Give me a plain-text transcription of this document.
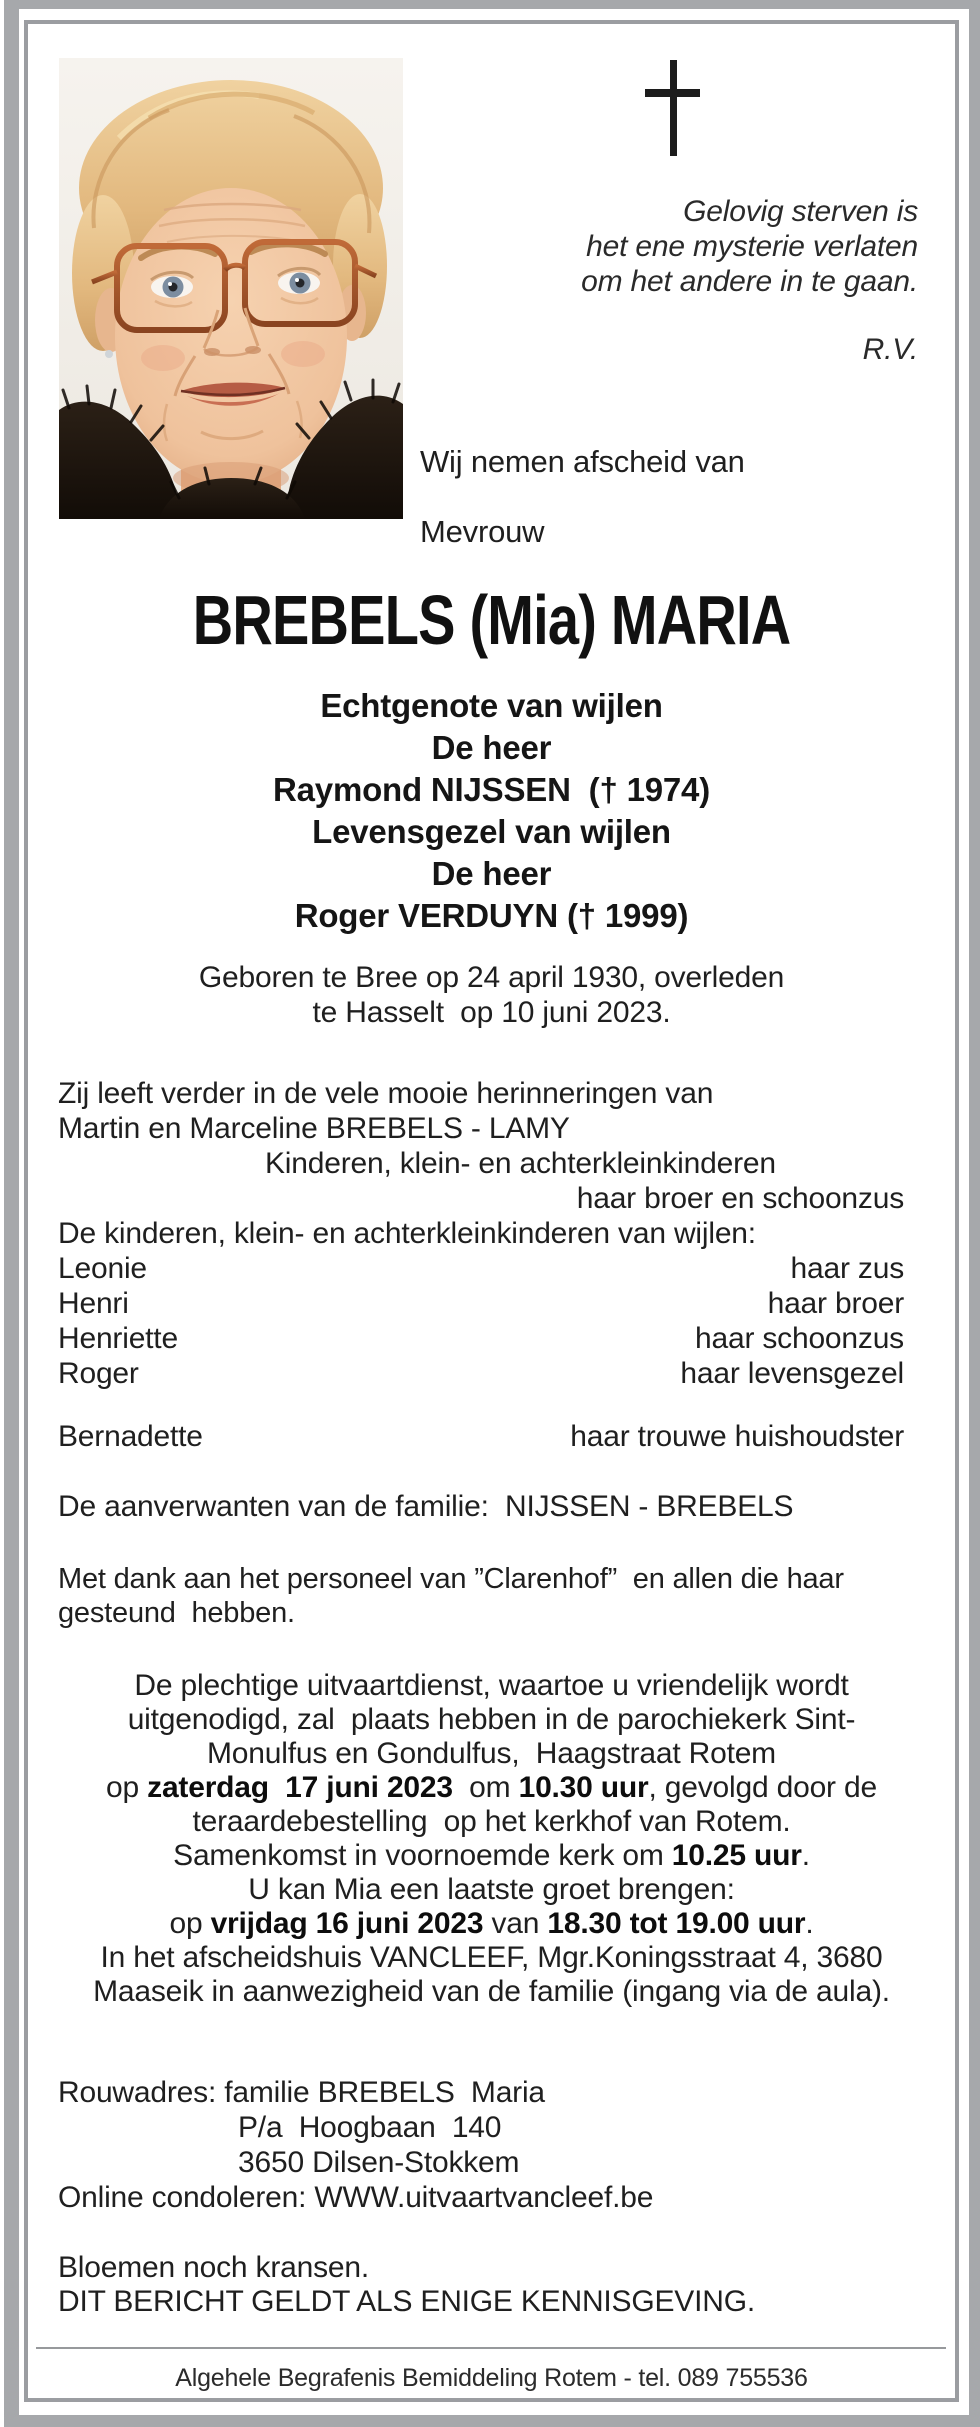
Gelovig sterven is
het ene mysterie verlaten
om het andere in te gaan.
R.V.
Wij nemen afscheid van
Mevrouw
BREBELS (Mia) MARIA
Echtgenote van wijlen
De heer
Raymond NIJSSEN  († 1974)
Levensgezel van wijlen
De heer
Roger VERDUYN († 1999)
Geboren te Bree op 24 april 1930, overleden
te Hasselt  op 10 juni 2023.
Zij leeft verder in de vele mooie herinneringen van
Martin en Marceline BREBELS - LAMY
Kinderen, klein- en achterkleinkinderen
haar broer en schoonzus
De kinderen, klein- en achterkleinkinderen van wijlen:
Leonie	haar zus
Henri	haar broer
Henriette	haar schoonzus
Roger	haar levensgezel
Bernadette	haar trouwe huishoudster
De aanverwanten van de familie:  NIJSSEN - BREBELS
Met dank aan het personeel van ”Clarenhof”  en allen die haar
gesteund  hebben.
De plechtige uitvaartdienst, waartoe u vriendelijk wordt
uitgenodigd, zal  plaats hebben in de parochiekerk Sint-
Monulfus en Gondulfus,  Haagstraat Rotem
op zaterdag  17 juni 2023  om 10.30 uur, gevolgd door de
teraardebestelling  op het kerkhof van Rotem.
Samenkomst in voornoemde kerk om 10.25 uur.
U kan Mia een laatste groet brengen:
op vrijdag 16 juni 2023 van 18.30 tot 19.00 uur.
In het afscheidshuis VANCLEEF, Mgr.Koningsstraat 4, 3680
Maaseik in aanwezigheid van de familie (ingang via de aula).
Rouwadres: familie BREBELS  Maria
P/a  Hoogbaan  140
3650 Dilsen-Stokkem
Online condoleren: WWW.uitvaartvancleef.be
Bloemen noch kransen.
DIT BERICHT GELDT ALS ENIGE KENNISGEVING.
Algehele Begrafenis Bemiddeling Rotem - tel. 089 755536
